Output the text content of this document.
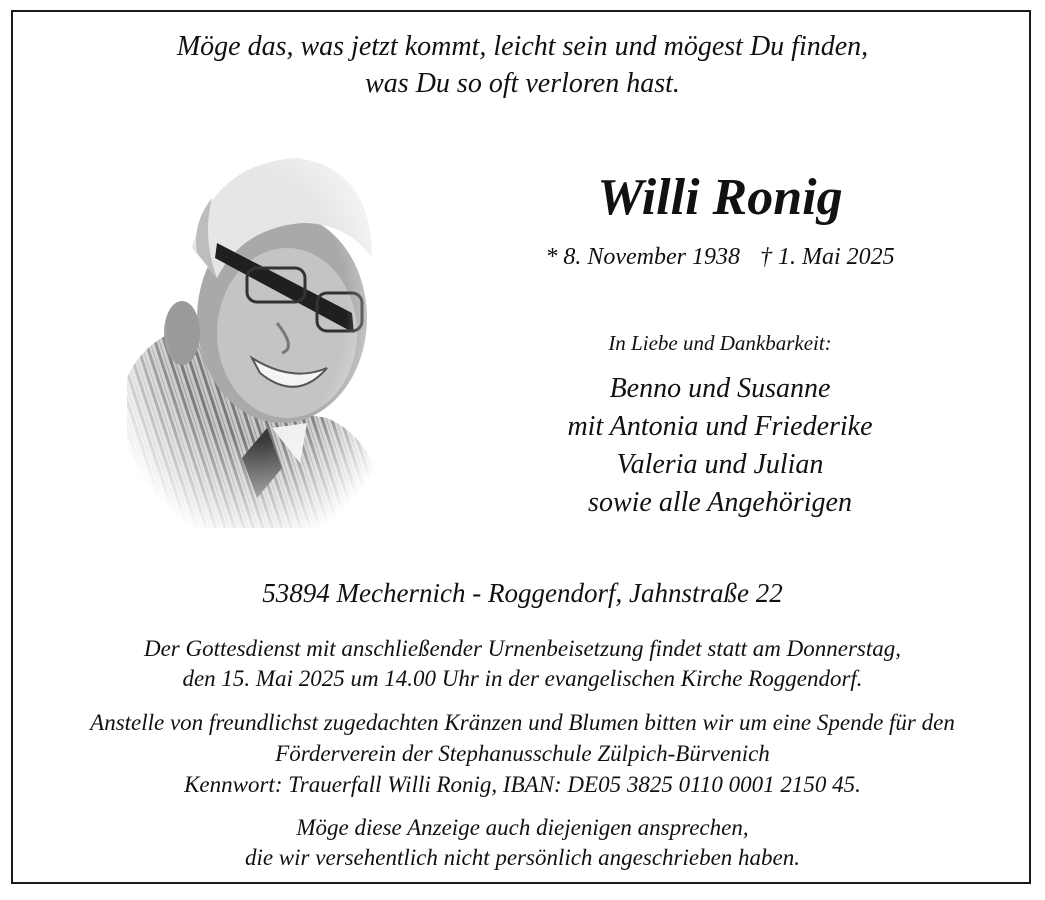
Möge das, was jetzt kommt, leicht sein und mögest Du finden,
was Du so oft verloren hast.
Willi Ronig
* 8. November 1938 † 1. Mai 2025
In Liebe und Dankbarkeit:
Benno und Susanne
mit Antonia und Friederike
Valeria und Julian
sowie alle Angehörigen
53894 Mechernich - Roggendorf, Jahnstraße 22
Der Gottesdienst mit anschließender Urnenbeisetzung findet statt am Donnerstag,
den 15. Mai 2025 um 14.00 Uhr in der evangelischen Kirche Roggendorf.
Anstelle von freundlichst zugedachten Kränzen und Blumen bitten wir um eine Spende für den
Förderverein der Stephanusschule Zülpich-Bürvenich
Kennwort: Trauerfall Willi Ronig, IBAN: DE05 3825 0110 0001 2150 45.
Möge diese Anzeige auch diejenigen ansprechen,
die wir versehentlich nicht persönlich angeschrieben haben.
